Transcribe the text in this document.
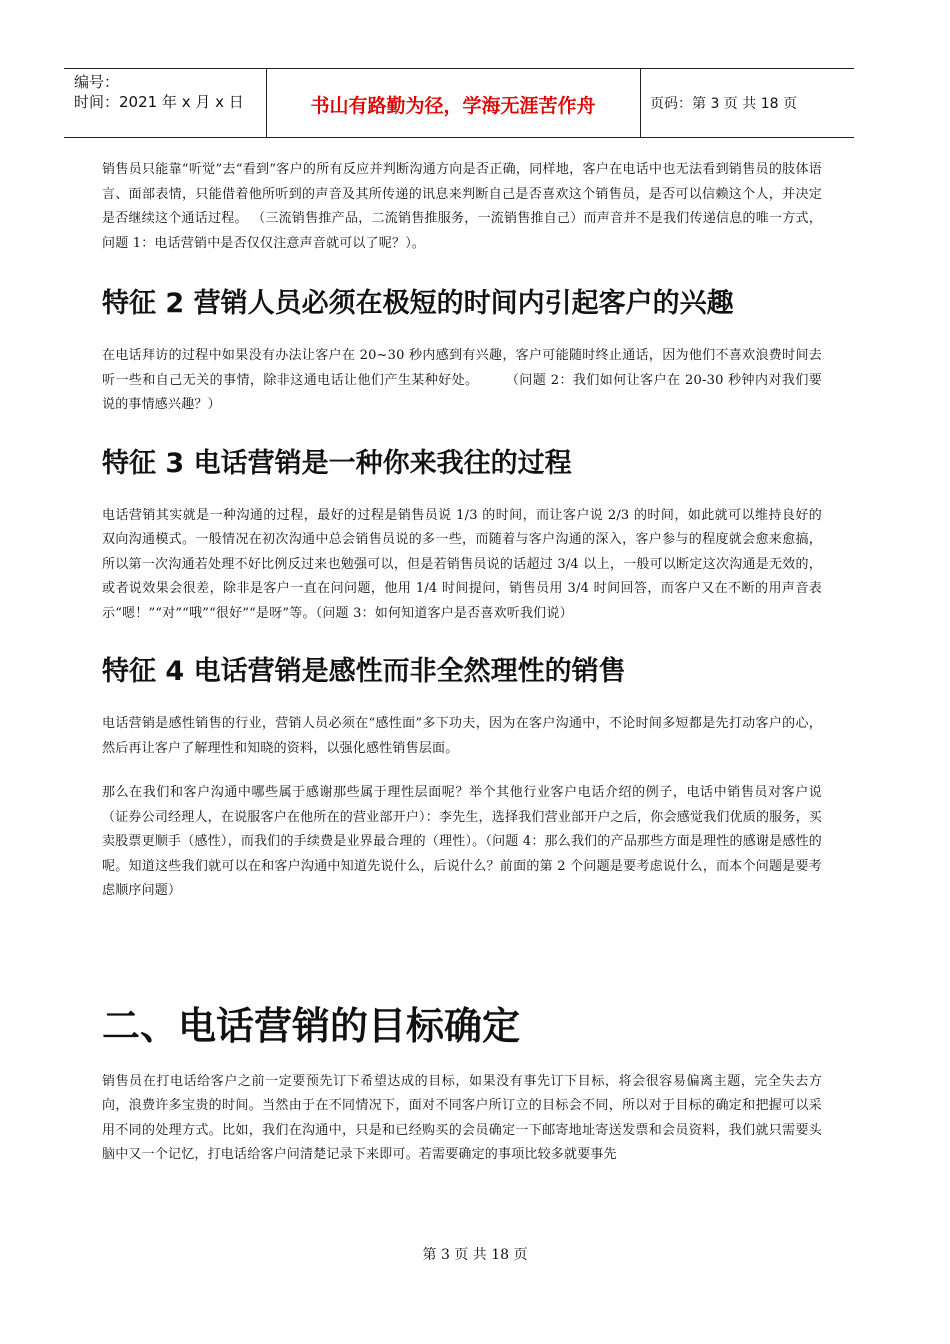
编号：
时间：2021 年 x 月 x 日	书山有路勤为径，学海无涯苦作舟	页码：第 3 页 共 18 页

销售员只能靠“听觉”去“看到”客户的所有反应并判断沟通方向是否正确，同样地，客户在电话中也无法看到销售员的肢体语言、面部表情，只能借着他所听到的声音及其所传递的讯息来判断自己是否喜欢这个销售员，是否可以信赖这个人，并决定是否继续这个通话过程。 （三流销售推产品，二流销售推服务，一流销售推自己）而声音并不是我们传递信息的唯一方式，问题 1：电话营销中是否仅仅注意声音就可以了呢？）。

特征 2 营销人员必须在极短的时间内引起客户的兴趣

在电话拜访的过程中如果没有办法让客户在 20~30 秒内感到有兴趣，客户可能随时终止通话，因为他们不喜欢浪费时间去听一些和自己无关的事情，除非这通电话让他们产生某种好处。　　　（问题 2：我们如何让客户在 20-30 秒钟内对我们要说的事情感兴趣？）

特征 3 电话营销是一种你来我往的过程

电话营销其实就是一种沟通的过程，最好的过程是销售员说 1/3 的时间，而让客户说 2/3 的时间，如此就可以维持良好的双向沟通模式。一般情况在初次沟通中总会销售员说的多一些，而随着与客户沟通的深入，客户参与的程度就会愈来愈搞，所以第一次沟通若处理不好比例反过来也勉强可以，但是若销售员说的话超过 3/4 以上，一般可以断定这次沟通是无效的，或者说效果会很差，除非是客户一直在问问题，他用 1/4 时间提问，销售员用 3/4 时间回答，而客户又在不断的用声音表示“嗯！”“对”“哦”“很好”“是呀”等。（问题 3：如何知道客户是否喜欢听我们说）

特征 4 电话营销是感性而非全然理性的销售

电话营销是感性销售的行业，营销人员必须在“感性面”多下功夫，因为在客户沟通中，不论时间多短都是先打动客户的心，然后再让客户了解理性和知晓的资料，以强化感性销售层面。

那么在我们和客户沟通中哪些属于感谢那些属于理性层面呢？举个其他行业客户电话介绍的例子，电话中销售员对客户说（证券公司经理人，在说服客户在他所在的营业部开户）：李先生，选择我们营业部开户之后，你会感觉我们优质的服务，买卖股票更顺手（感性），而我们的手续费是业界最合理的（理性）。（问题 4：那么我们的产品那些方面是理性的感谢是感性的呢。知道这些我们就可以在和客户沟通中知道先说什么，后说什么？前面的第 2 个问题是要考虑说什么，而本个问题是要考虑顺序问题）

二、电话营销的目标确定

销售员在打电话给客户之前一定要预先订下希望达成的目标，如果没有事先订下目标，将会很容易偏离主题，完全失去方向，浪费许多宝贵的时间。当然由于在不同情况下，面对不同客户所订立的目标会不同，所以对于目标的确定和把握可以采用不同的处理方式。比如，我们在沟通中，只是和已经购买的会员确定一下邮寄地址寄送发票和会员资料，我们就只需要头脑中又一个记忆，打电话给客户问清楚记录下来即可。若需要确定的事项比较多就要事先

第 3 页 共 18 页
